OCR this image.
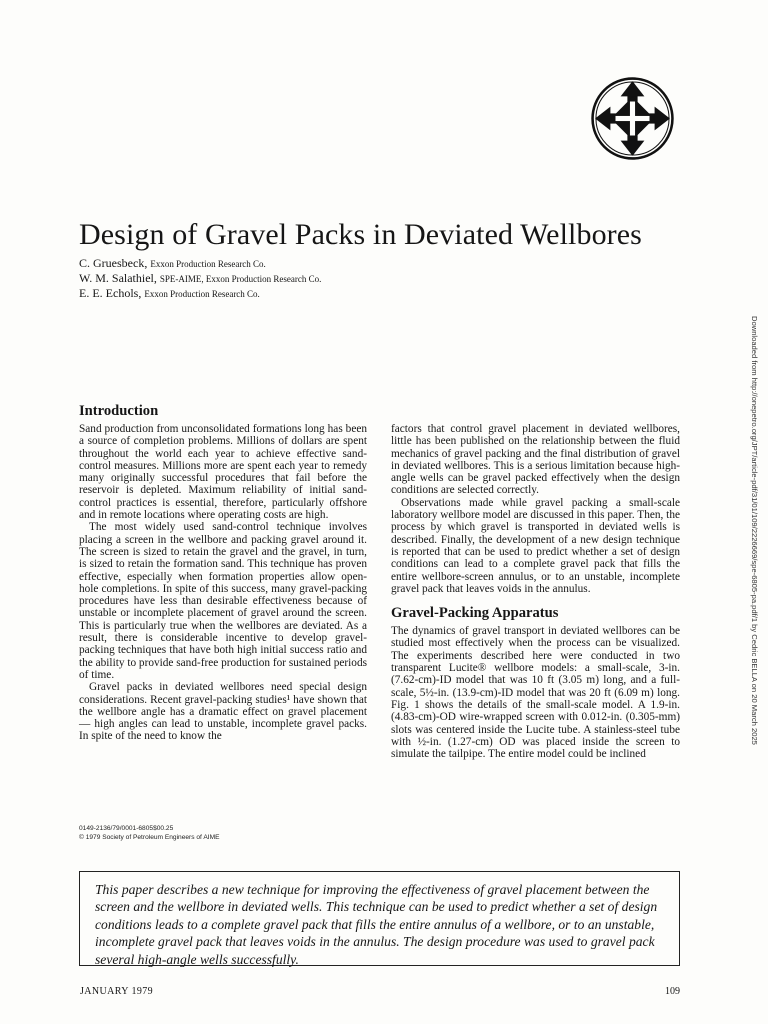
Design of Gravel Packs in Deviated Wellbores
C. Gruesbeck, Exxon Production Research Co.
W. M. Salathiel, SPE-AIME, Exxon Production Research Co.
E. E. Echols, Exxon Production Research Co.
Downloaded from http://onepetro.org/JPT/article-pdf/31/01/109/2226669/spe-6805-pa.pdf/1 by Cedric BELLA on 20 March 2025
Introduction

Sand production from unconsolidated formations long has been a source of completion problems. Millions of dollars are spent throughout the world each year to achieve effective sand-control measures. Millions more are spent each year to remedy many originally successful procedures that fail before the reservoir is depleted. Maximum reliability of initial sand-control practices is essential, therefore, particularly offshore and in remote locations where operating costs are high.

The most widely used sand-control technique involves placing a screen in the wellbore and packing gravel around it. The screen is sized to retain the gravel and the gravel, in turn, is sized to retain the formation sand. This technique has proven effective, especially when formation properties allow open-hole completions. In spite of this success, many gravel-packing procedures have less than desirable effectiveness because of unstable or incomplete placement of gravel around the screen. This is particularly true when the wellbores are deviated. As a result, there is considerable incentive to develop gravel-packing techniques that have both high initial success ratio and the ability to provide sand-free production for sustained periods of time.

Gravel packs in deviated wellbores need special design considerations. Recent gravel-packing studies¹ have shown that the wellbore angle has a dramatic effect on gravel placement — high angles can lead to unstable, incomplete gravel packs. In spite of the need to know the

factors that control gravel placement in deviated wellbores, little has been published on the relationship between the fluid mechanics of gravel packing and the final distribution of gravel in deviated wellbores. This is a serious limitation because high-angle wells can be gravel packed effectively when the design conditions are selected correctly.

Observations made while gravel packing a small-scale laboratory wellbore model are discussed in this paper. Then, the process by which gravel is transported in deviated wells is described. Finally, the development of a new design technique is reported that can be used to predict whether a set of design conditions can lead to a complete gravel pack that fills the entire wellbore-screen annulus, or to an unstable, incomplete gravel pack that leaves voids in the annulus.

Gravel-Packing Apparatus

The dynamics of gravel transport in deviated wellbores can be studied most effectively when the process can be visualized. The experiments described here were conducted in two transparent Lucite® wellbore models: a small-scale, 3-in. (7.62-cm)-ID model that was 10 ft (3.05 m) long, and a full-scale, 5½-in. (13.9-cm)-ID model that was 20 ft (6.09 m) long. Fig. 1 shows the details of the small-scale model. A 1.9-in. (4.83-cm)-OD wire-wrapped screen with 0.012-in. (0.305-mm) slots was centered inside the Lucite tube. A stainless-steel tube with ½-in. (1.27-cm) OD was placed inside the screen to simulate the tailpipe. The entire model could be inclined

0149-2136/79/0001-6805$00.25
© 1979 Society of Petroleum Engineers of AIME
This paper describes a new technique for improving the effectiveness of gravel placement between the screen and the wellbore in deviated wells. This technique can be used to predict whether a set of design conditions leads to a complete gravel pack that fills the entire annulus of a wellbore, or to an unstable, incomplete gravel pack that leaves voids in the annulus. The design procedure was used to gravel pack several high-angle wells successfully.
JANUARY 1979	109
